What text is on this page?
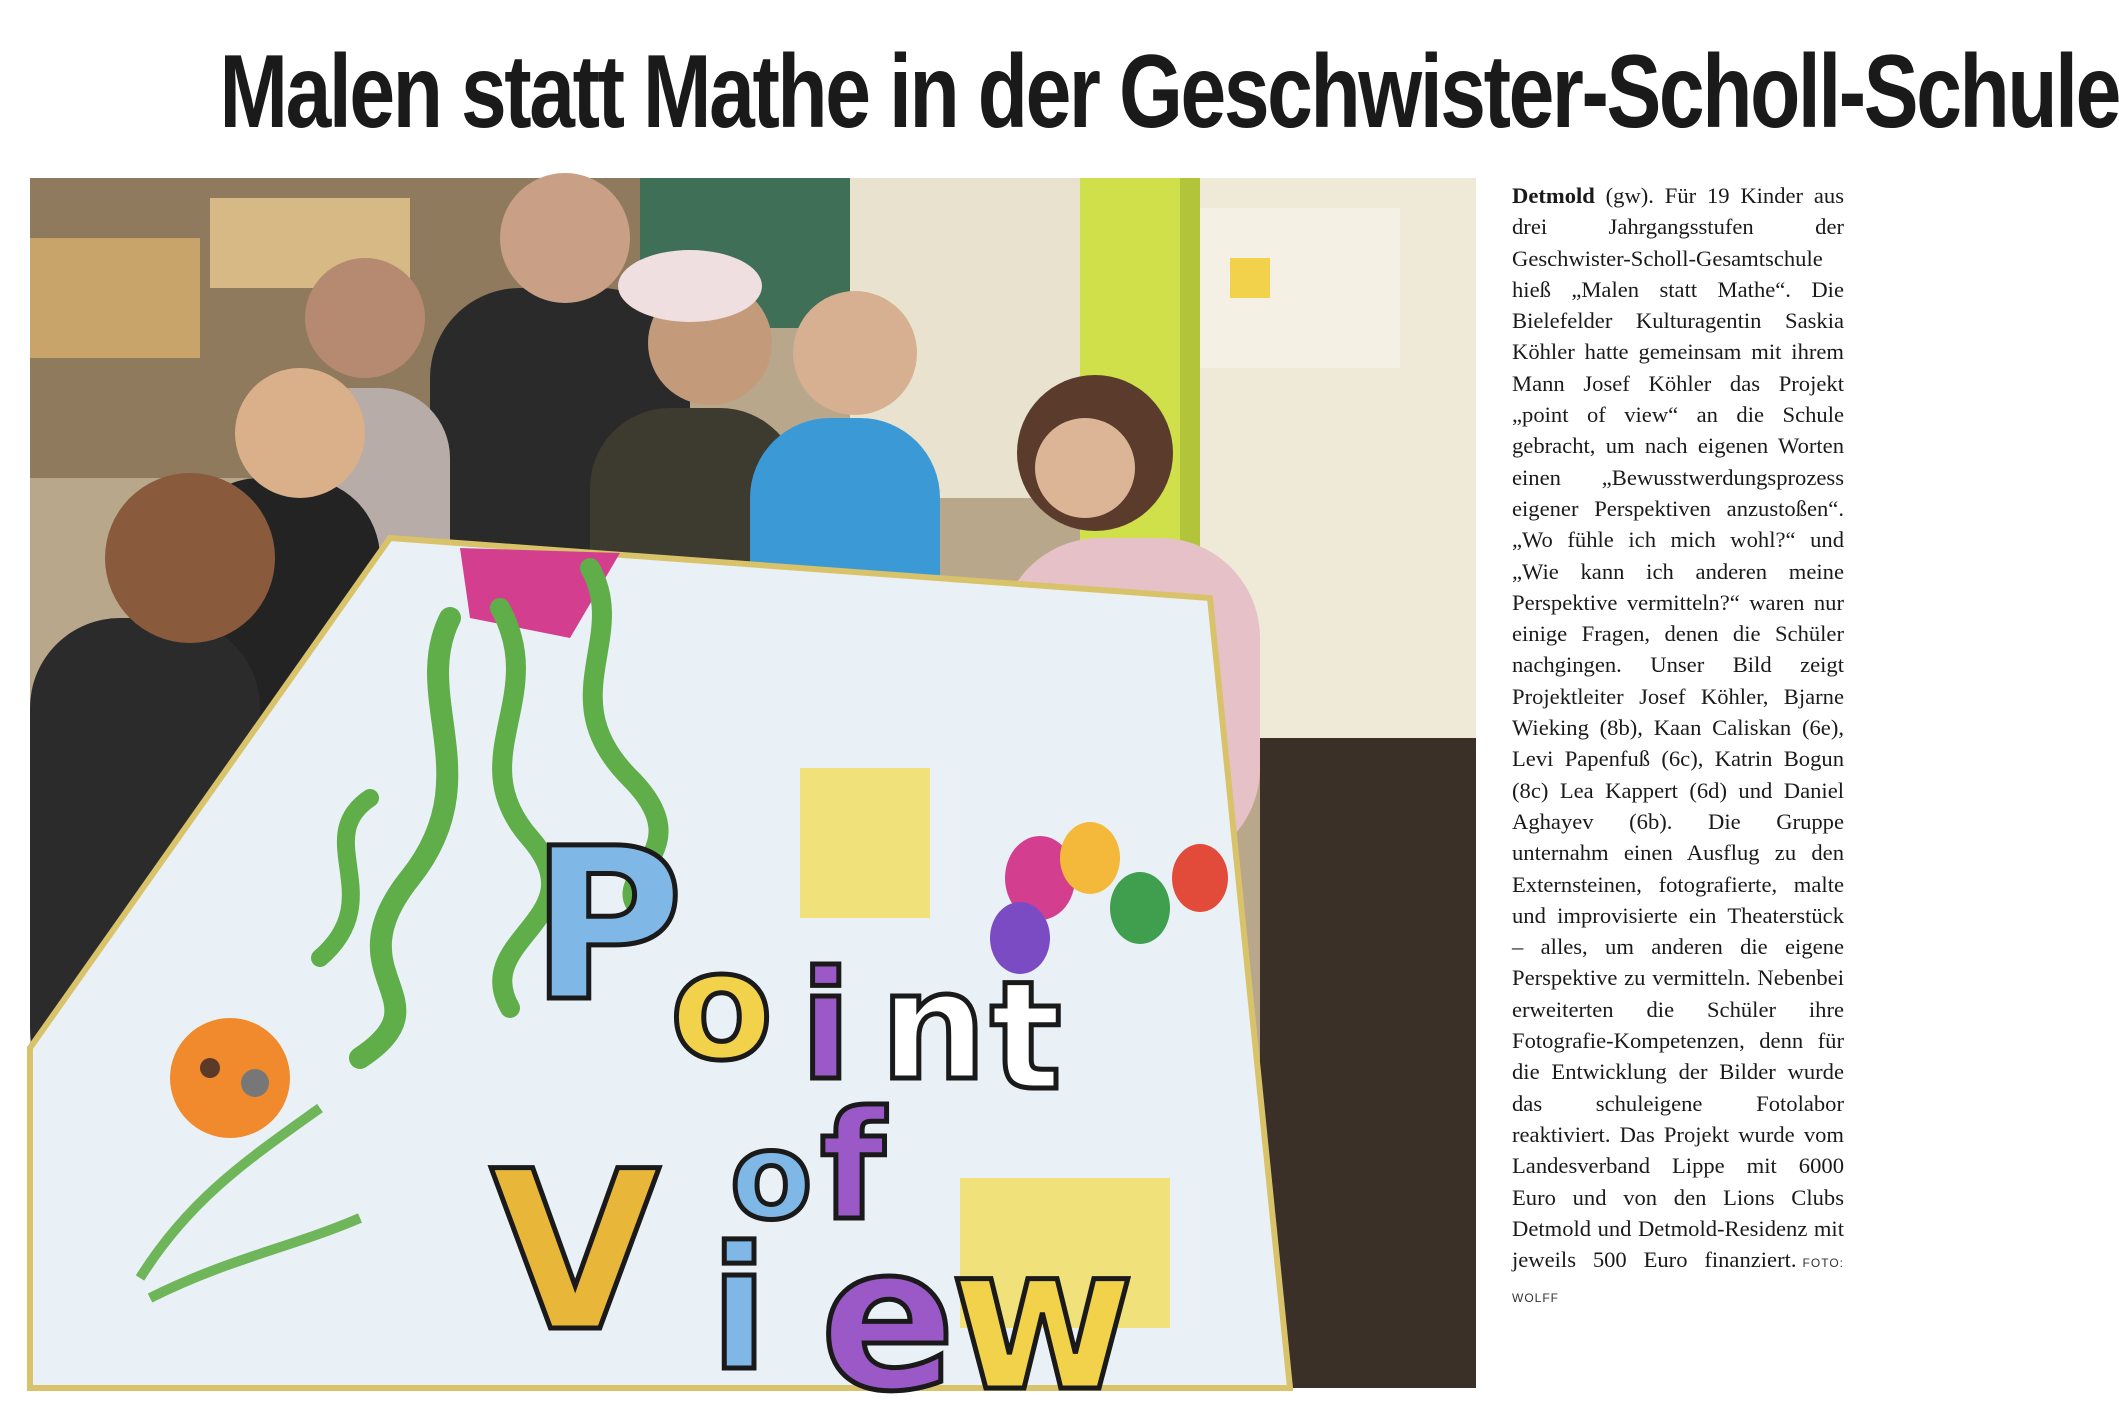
Malen statt Mathe in der Geschwister-Scholl-Schule
P
o i n t
o f
V i e
w
Detmold (gw). Für 19 Kinder aus drei Jahrgangsstufen der Geschwister-Scholl-Gesamtschule hieß „Malen statt Mathe“. Die Bielefelder Kulturagentin Saskia Köhler hatte gemeinsam mit ihrem Mann Josef Köhler das Projekt „point of view“ an die Schule gebracht, um nach eigenen Worten einen „Bewusstwerdungsprozess eigener Perspektiven anzustoßen“. „Wo fühle ich mich wohl?“ und „Wie kann ich anderen meine Perspektive vermitteln?“ waren nur einige Fragen, denen die Schüler nachgingen. Unser Bild zeigt Projektleiter Josef Köhler, Bjarne Wieking (8b), Kaan Caliskan (6e), Levi Papenfuß (6c), Katrin Bogun (8c) Lea Kappert (6d) und Daniel Aghayev (6b). Die Gruppe unternahm einen Ausflug zu den Externsteinen, fotografierte, malte und improvisierte ein Theaterstück – alles, um anderen die eigene Perspektive zu vermitteln. Nebenbei erweiterten die Schüler ihre Fotografie-Kompetenzen, denn für die Entwicklung der Bilder wurde das schuleigene Fotolabor reaktiviert. Das Projekt wurde vom Landesverband Lippe mit 6000 Euro und von den Lions Clubs Detmold und Detmold-Residenz mit jeweils 500 Euro finanziert. FOTO: WOLFF
